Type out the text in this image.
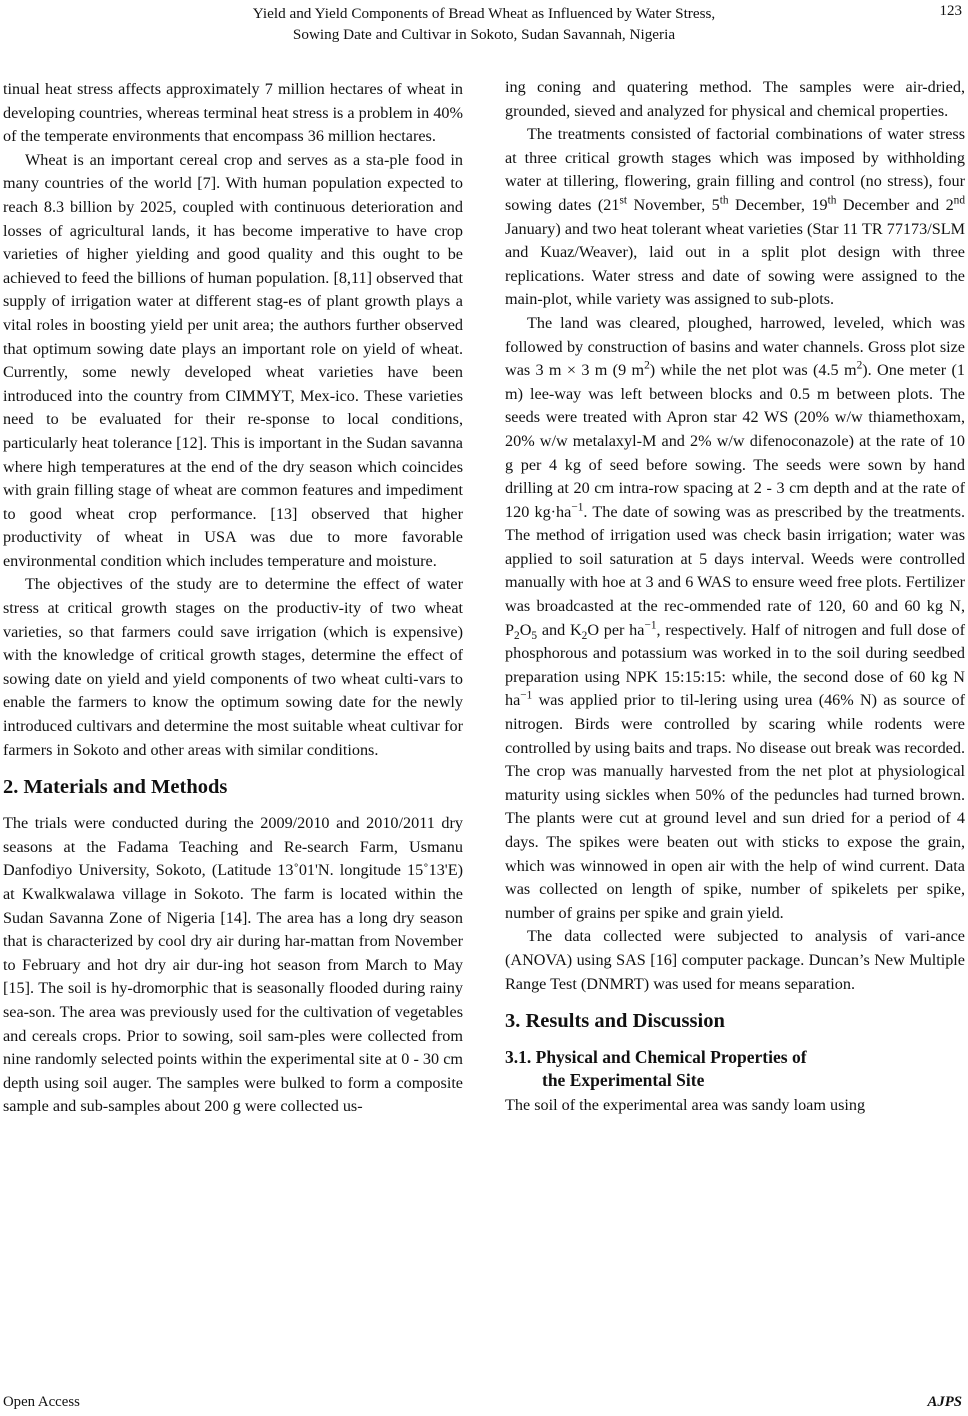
Yield and Yield Components of Bread Wheat as Influenced by Water Stress,
Sowing Date and Cultivar in Sokoto, Sudan Savannah, Nigeria
123

tinual heat stress affects approximately 7 million hectares of wheat in developing countries, whereas terminal heat stress is a problem in 40% of the temperate environments that encompass 36 million hectares.

Wheat is an important cereal crop and serves as a sta-ple food in many countries of the world [7]. With human population expected to reach 8.3 billion by 2025, coupled with continuous deterioration and losses of agricultural lands, it has become imperative to have crop varieties of higher yielding and good quality and this ought to be achieved to feed the billions of human population. [8,11] observed that supply of irrigation water at different stag-es of plant growth plays a vital roles in boosting yield per unit area; the authors further observed that optimum sowing date plays an important role on yield of wheat. Currently, some newly developed wheat varieties have been introduced into the country from CIMMYT, Mex-ico. These varieties need to be evaluated for their re-sponse to local conditions, particularly heat tolerance [12]. This is important in the Sudan savanna where high temperatures at the end of the dry season which coincides with grain filling stage of wheat are common features and impediment to good wheat crop performance. [13] observed that higher productivity of wheat in USA was due to more favorable environmental condition which includes temperature and moisture.

The objectives of the study are to determine the effect of water stress at critical growth stages on the productiv-ity of two wheat varieties, so that farmers could save irrigation (which is expensive) with the knowledge of critical growth stages, determine the effect of sowing date on yield and yield components of two wheat culti-vars to enable the farmers to know the optimum sowing date for the newly introduced cultivars and determine the most suitable wheat cultivar for farmers in Sokoto and other areas with similar conditions.

2. Materials and Methods

The trials were conducted during the 2009/2010 and 2010/2011 dry seasons at the Fadama Teaching and Re-search Farm, Usmanu Danfodiyo University, Sokoto, (Latitude 13˚01'N. longitude 15˚13'E) at Kwalkwalawa village in Sokoto. The farm is located within the Sudan Savanna Zone of Nigeria [14]. The area has a long dry season that is characterized by cool dry air during har-mattan from November to February and hot dry air dur-ing hot season from March to May [15]. The soil is hy-dromorphic that is seasonally flooded during rainy sea-son. The area was previously used for the cultivation of vegetables and cereals crops. Prior to sowing, soil sam-ples were collected from nine randomly selected points within the experimental site at 0 - 30 cm depth using soil auger. The samples were bulked to form a composite sample and sub-samples about 200 g were collected us-

ing coning and quatering method. The samples were air-dried, grounded, sieved and analyzed for physical and chemical properties.

The treatments consisted of factorial combinations of water stress at three critical growth stages which was imposed by withholding water at tillering, flowering, grain filling and control (no stress), four sowing dates (21st November, 5th December, 19th December and 2nd January) and two heat tolerant wheat varieties (Star 11 TR 77173/SLM and Kuaz/Weaver), laid out in a split plot design with three replications. Water stress and date of sowing were assigned to the main-plot, while variety was assigned to sub-plots.

The land was cleared, ploughed, harrowed, leveled, which was followed by construction of basins and water channels. Gross plot size was 3 m × 3 m (9 $m^2$) while the net plot was (4.5 $m^2$). One meter (1 m) lee-way was left between blocks and 0.5 m between plots. The seeds were treated with Apron star 42 WS (20% w/w thiamethoxam, 20% w/w metalaxyl-M and 2% w/w difenoconazole) at the rate of 10 g per 4 kg of seed before sowing. The seeds were sown by hand drilling at 20 cm intra-row spacing at 2 - 3 cm depth and at the rate of 120 $kg\cdot ha^{-1}$. The date of sowing was as prescribed by the treatments. The method of irrigation used was check basin irrigation; water was applied to soil saturation at 5 days interval. Weeds were controlled manually with hoe at 3 and 6 WAS to ensure weed free plots. Fertilizer was broadcasted at the rec-ommended rate of 120, 60 and 60 kg N, $P_2O_5$ and $K_2O$ per $ha^{-1}$, respectively. Half of nitrogen and full dose of phosphorous and potassium was worked in to the soil during seedbed preparation using NPK 15:15:15: while, the second dose of 60 kg N $ha^{-1}$ was applied prior to til-lering using urea (46% N) as source of nitrogen. Birds were controlled by scaring while rodents were controlled by using baits and traps. No disease out break was recorded. The crop was manually harvested from the net plot at physiological maturity using sickles when 50% of the peduncles had turned brown. The plants were cut at ground level and sun dried for a period of 4 days. The spikes were beaten out with sticks to expose the grain, which was winnowed in open air with the help of wind current. Data was collected on length of spike, number of spikelets per spike, number of grains per spike and grain yield.

The data collected were subjected to analysis of vari-ance (ANOVA) using SAS [16] computer package. Duncan’s New Multiple Range Test (DNMRT) was used for means separation.

3. Results and Discussion
3.1. Physical and Chemical Properties of
the Experimental Site

The soil of the experimental area was sandy loam using

Open Access	AJPS
